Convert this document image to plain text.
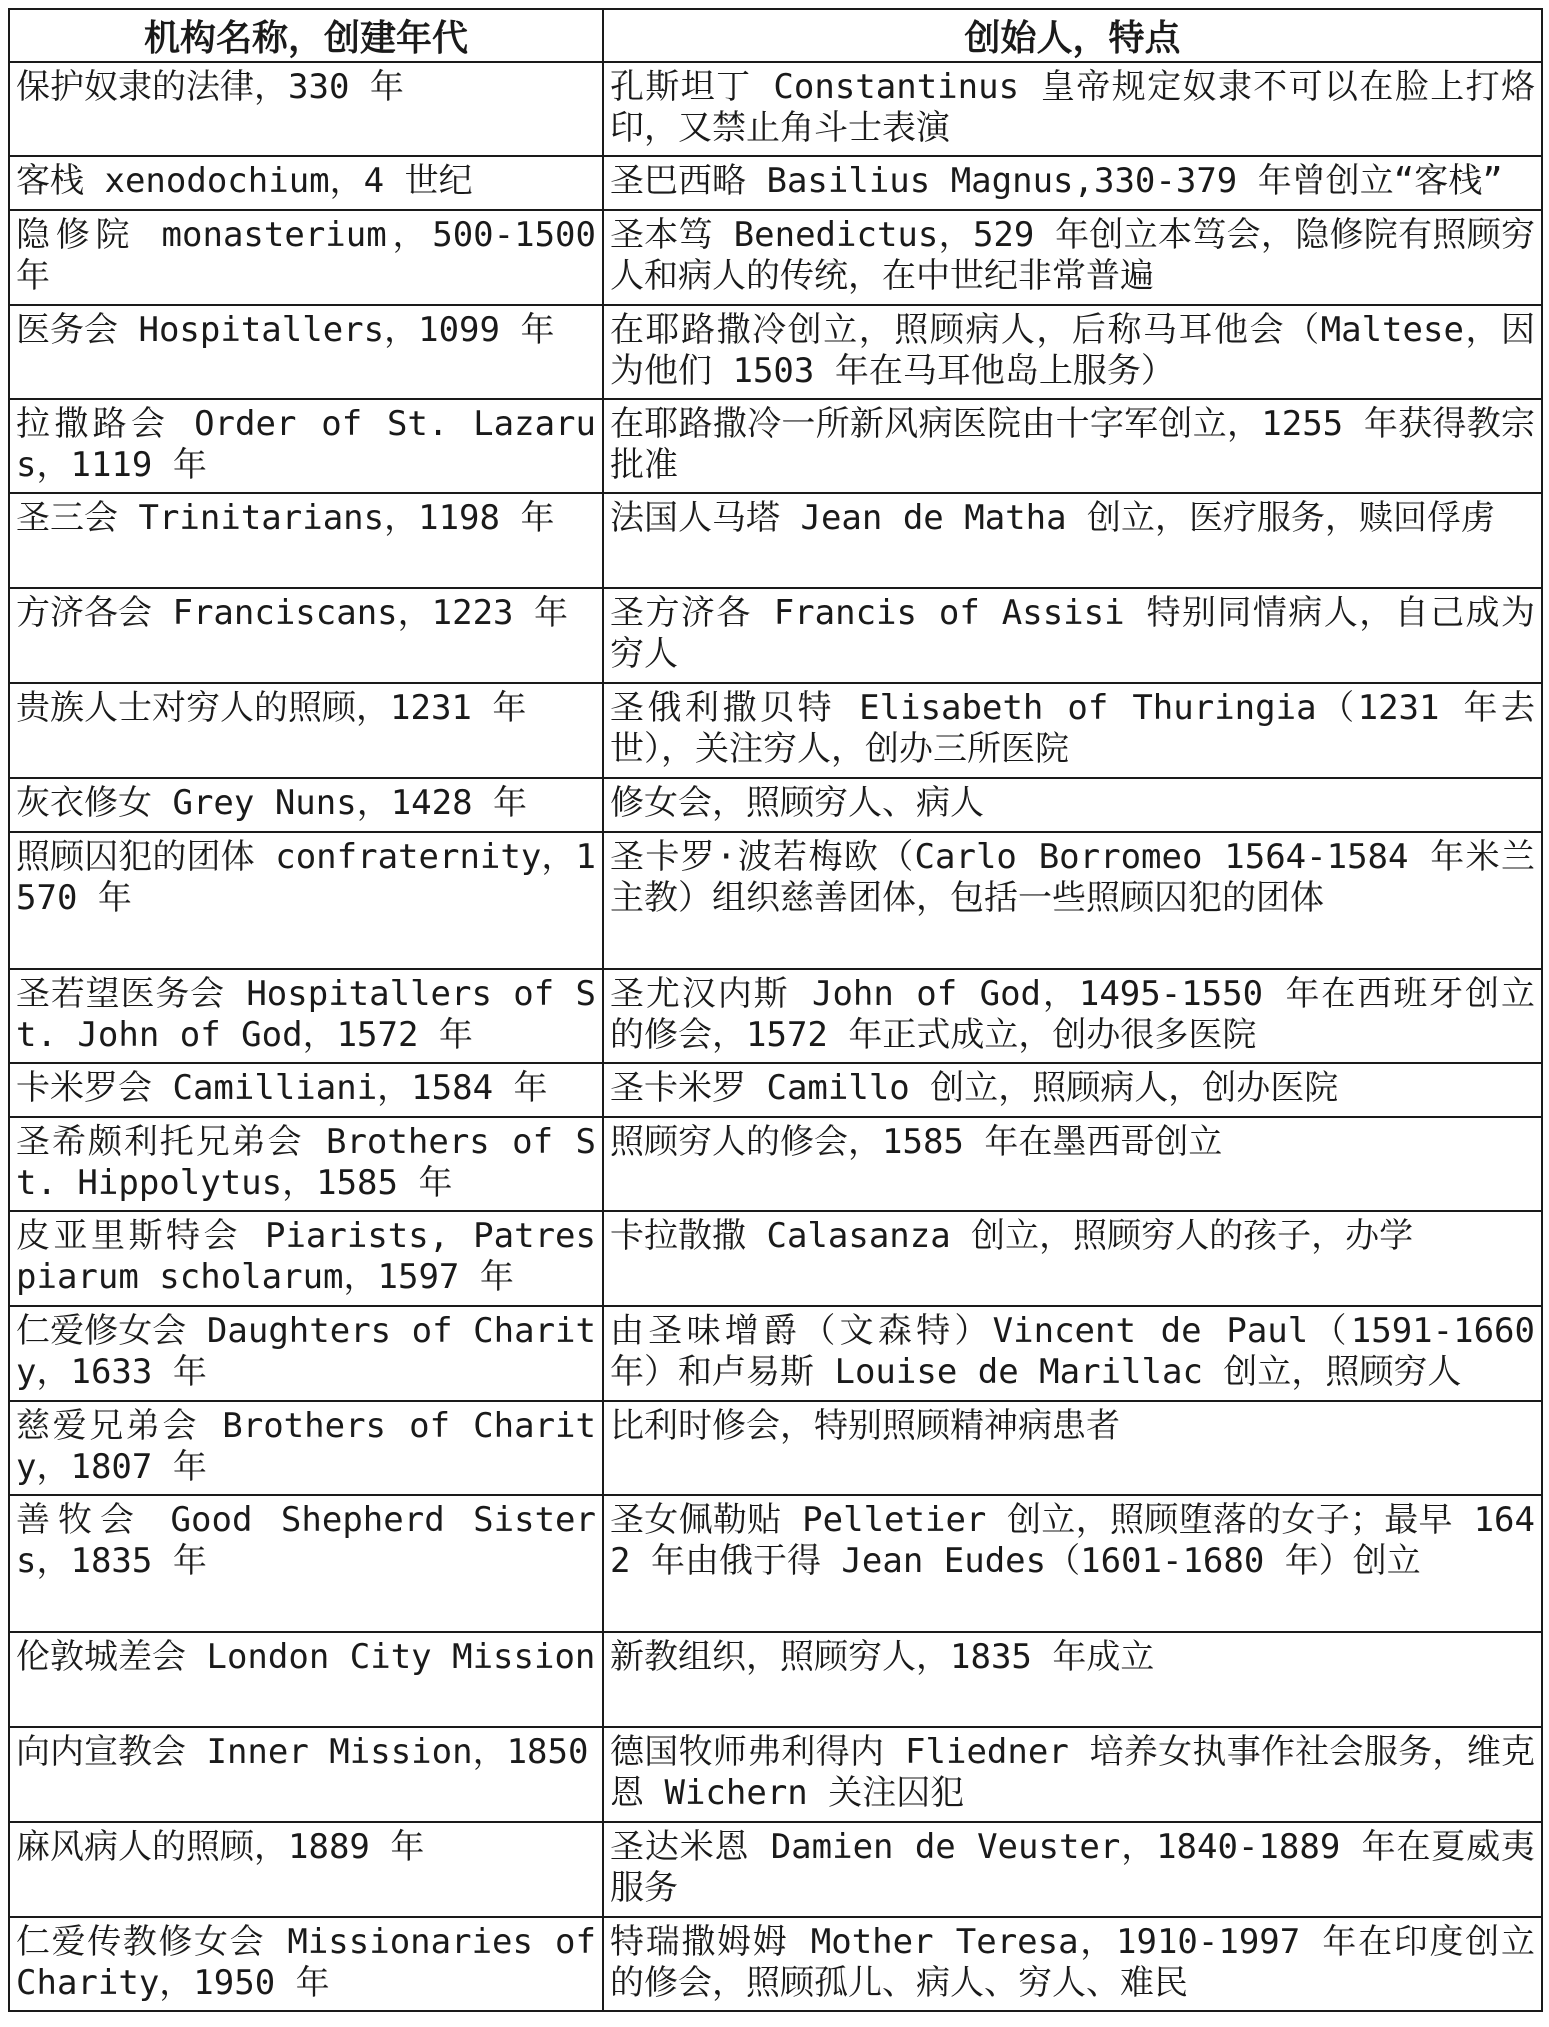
机构名称，创建年代	创始人，特点
保护奴隶的法律，330 年	孔斯坦丁 Constantinus 皇帝规定奴隶不可以在脸上打烙印，又禁止角斗士表演
客栈 xenodochium，4 世纪	圣巴西略 Basilius Magnus,330-379 年曾创立“客栈”
隐修院 monasterium，500-1500 年	圣本笃 Benedictus，529 年创立本笃会，隐修院有照顾穷人和病人的传统，在中世纪非常普遍
医务会 Hospitallers，1099 年	在耶路撒冷创立，照顾病人，后称马耳他会（Maltese，因为他们 1503 年在马耳他岛上服务）
拉撒路会 Order of St. Lazarus，1119 年	在耶路撒冷一所新风病医院由十字军创立，1255 年获得教宗批准
圣三会 Trinitarians，1198 年	法国人马塔 Jean de Matha 创立，医疗服务，赎回俘虏
方济各会 Franciscans，1223 年	圣方济各 Francis of Assisi 特别同情病人，自己成为穷人
贵族人士对穷人的照顾，1231 年	圣俄利撒贝特 Elisabeth of Thuringia（1231 年去世），关注穷人，创办三所医院
灰衣修女 Grey Nuns，1428 年	修女会，照顾穷人、病人
照顾囚犯的团体 confraternity，1570 年	圣卡罗·波若梅欧（Carlo Borromeo 1564-1584 年米兰主教）组织慈善团体，包括一些照顾囚犯的团体
圣若望医务会 Hospitallers of St. John of God，1572 年	圣尤汉内斯 John of God，1495-1550 年在西班牙创立的修会，1572 年正式成立，创办很多医院
卡米罗会 Camilliani，1584 年	圣卡米罗 Camillo 创立，照顾病人，创办医院
圣希颇利托兄弟会 Brothers of St. Hippolytus，1585 年	照顾穷人的修会，1585 年在墨西哥创立
皮亚里斯特会 Piarists, Patres piarum scholarum，1597 年	卡拉散撒 Calasanza 创立，照顾穷人的孩子，办学
仁爱修女会 Daughters of Charity，1633 年	由圣味增爵（文森特）Vincent de Paul（1591-1660 年）和卢易斯 Louise de Marillac 创立，照顾穷人
慈爱兄弟会 Brothers of Charity，1807 年	比利时修会，特别照顾精神病患者
善牧会 Good Shepherd Sisters，1835 年	圣女佩勒贴 Pelletier 创立，照顾堕落的女子；最早 1642 年由俄于得 Jean Eudes（1601-1680 年）创立
伦敦城差会 London City Mission	新教组织，照顾穷人，1835 年成立
向内宣教会 Inner Mission，1850	德国牧师弗利得内 Fliedner 培养女执事作社会服务，维克恩 Wichern 关注囚犯
麻风病人的照顾，1889 年	圣达米恩 Damien de Veuster，1840-1889 年在夏威夷服务
仁爱传教修女会 Missionaries of Charity，1950 年	特瑞撒姆姆 Mother Teresa，1910-1997 年在印度创立的修会，照顾孤儿、病人、穷人、难民
